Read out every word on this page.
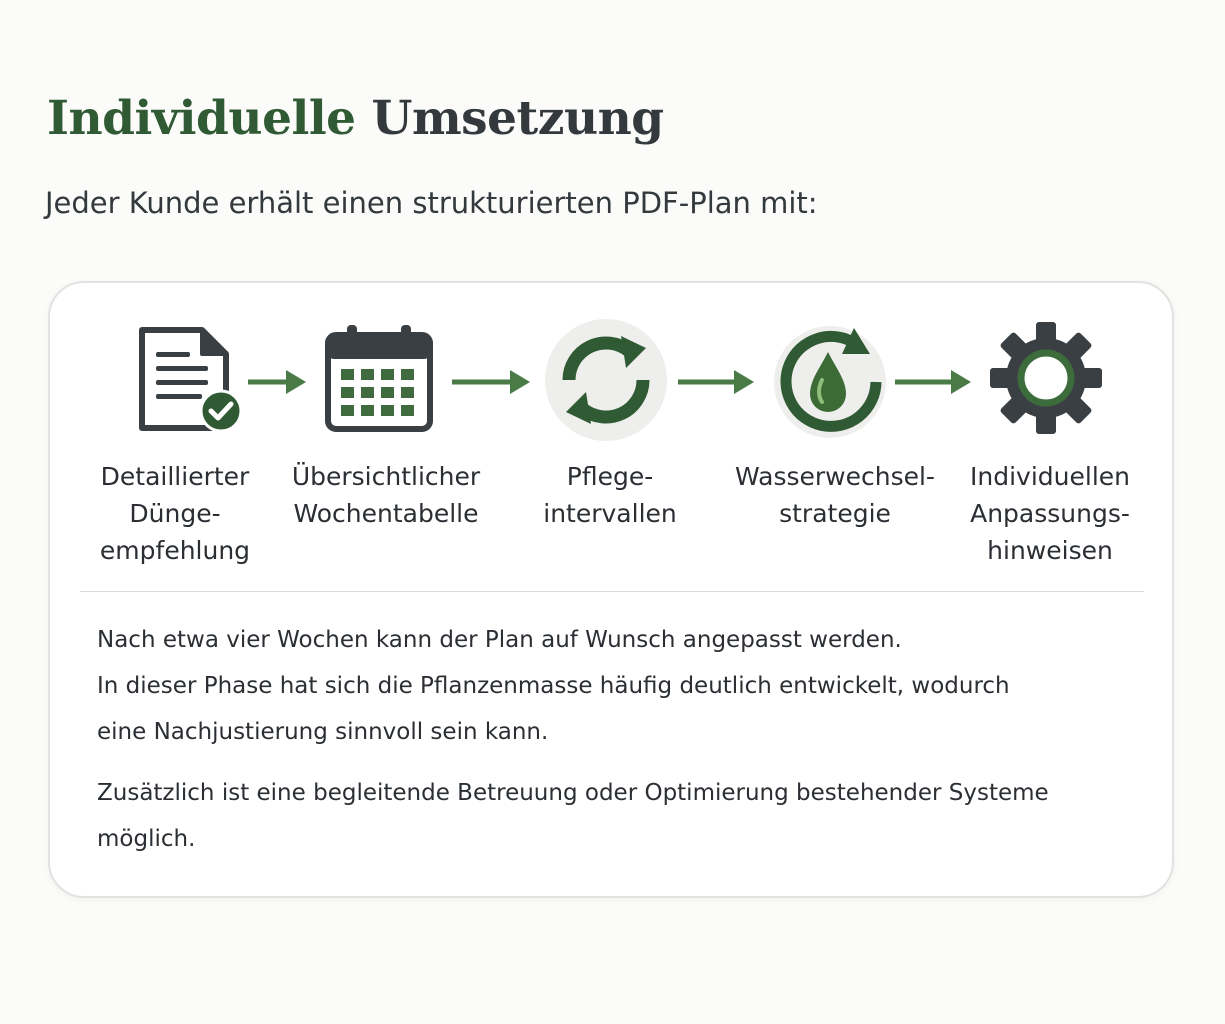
Individuelle Umsetzung

Jeder Kunde erhält einen strukturierten PDF-Plan mit:

Detaillierter
Dünge-
empfehlung
Übersichtlicher
Wochentabelle
Pflege-
intervallen
Wasserwechsel-
strategie
Individuellen
Anpassungs-
hinweisen

Nach etwa vier Wochen kann der Plan auf Wunsch angepasst werden.
In dieser Phase hat sich die Pflanzenmasse häufig deutlich entwickelt, wodurch
eine Nachjustierung sinnvoll sein kann.

Zusätzlich ist eine begleitende Betreuung oder Optimierung bestehender Systeme
möglich.
